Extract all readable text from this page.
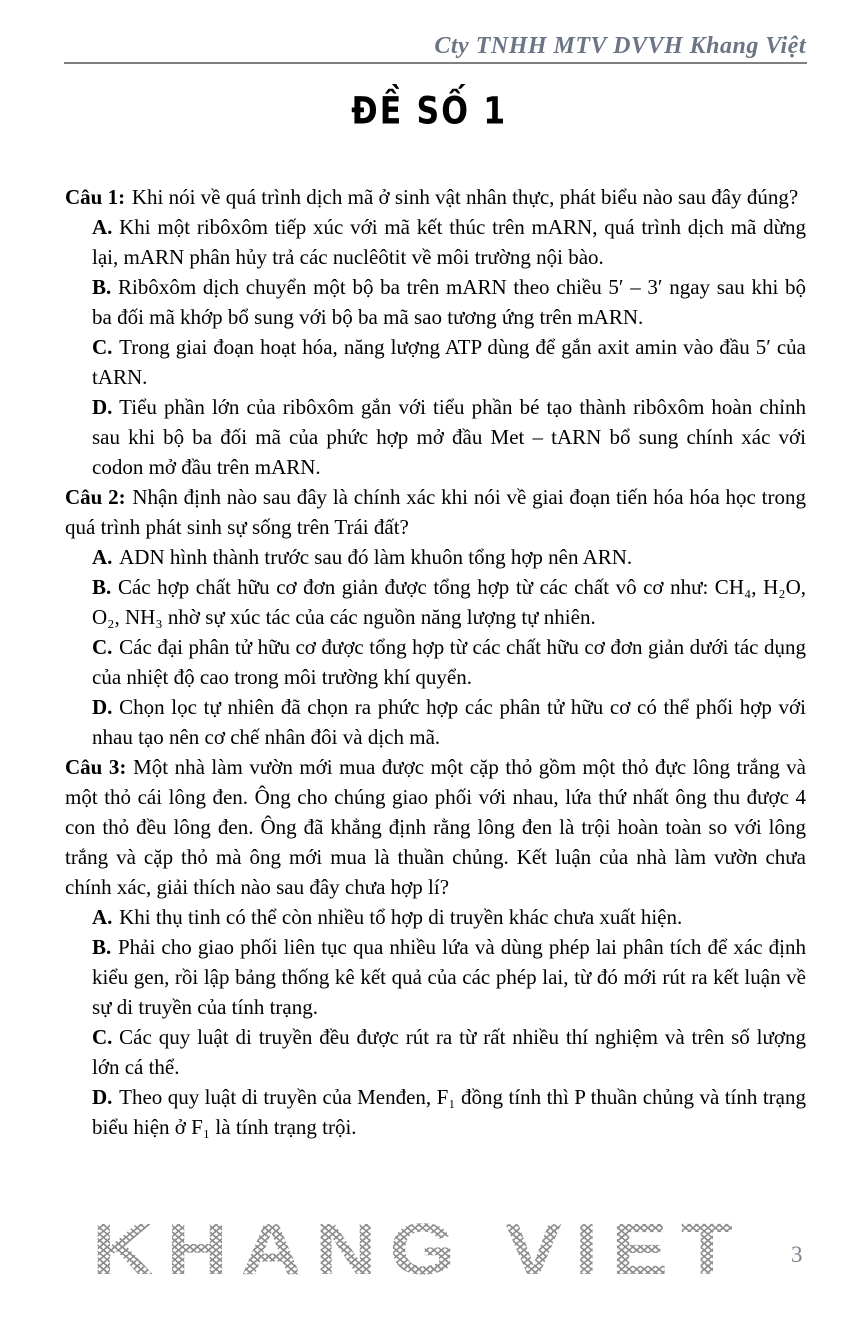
Cty TNHH MTV DVVH Khang Việt
ĐỀ SỐ 1

Câu 1: Khi nói về quá trình dịch mã ở sinh vật nhân thực, phát biểu nào sau đây đúng?

A. Khi một ribôxôm tiếp xúc với mã kết thúc trên mARN, quá trình dịch mã dừng lại, mARN phân hủy trả các nuclêôtit về môi trường nội bào.

B. Ribôxôm dịch chuyển một bộ ba trên mARN theo chiều 5′ – 3′ ngay sau khi bộ ba đối mã khớp bổ sung với bộ ba mã sao tương ứng trên mARN.

C. Trong giai đoạn hoạt hóa, năng lượng ATP dùng để gắn axit amin vào đầu 5′ của tARN.

D. Tiểu phần lớn của ribôxôm gắn với tiểu phần bé tạo thành ribôxôm hoàn chỉnh sau khi bộ ba đối mã của phức hợp mở đầu Met – tARN bổ sung chính xác với codon mở đầu trên mARN.

Câu 2: Nhận định nào sau đây là chính xác khi nói về giai đoạn tiến hóa hóa học trong quá trình phát sinh sự sống trên Trái đất?

A. ADN hình thành trước sau đó làm khuôn tổng hợp nên ARN.

B. Các hợp chất hữu cơ đơn giản được tổng hợp từ các chất vô cơ như: CH₄, H₂O, O₂, NH₃ nhờ sự xúc tác của các nguồn năng lượng tự nhiên.

C. Các đại phân tử hữu cơ được tổng hợp từ các chất hữu cơ đơn giản dưới tác dụng của nhiệt độ cao trong môi trường khí quyển.

D. Chọn lọc tự nhiên đã chọn ra phức hợp các phân tử hữu cơ có thể phối hợp với nhau tạo nên cơ chế nhân đôi và dịch mã.

Câu 3: Một nhà làm vườn mới mua được một cặp thỏ gồm một thỏ đực lông trắng và một thỏ cái lông đen. Ông cho chúng giao phối với nhau, lứa thứ nhất ông thu được 4 con thỏ đều lông đen. Ông đã khẳng định rằng lông đen là trội hoàn toàn so với lông trắng và cặp thỏ mà ông mới mua là thuần chủng. Kết luận của nhà làm vườn chưa chính xác, giải thích nào sau đây chưa hợp lí?

A. Khi thụ tinh có thể còn nhiều tổ hợp di truyền khác chưa xuất hiện.

B. Phải cho giao phối liên tục qua nhiều lứa và dùng phép lai phân tích để xác định kiểu gen, rồi lập bảng thống kê kết quả của các phép lai, từ đó mới rút ra kết luận về sự di truyền của tính trạng.

C. Các quy luật di truyền đều được rút ra từ rất nhiều thí nghiệm và trên số lượng lớn cá thể.

D. Theo quy luật di truyền của Menđen, F₁ đồng tính thì P thuần chủng và tính trạng biểu hiện ở F₁ là tính trạng trội.

KHANG VIET 3
